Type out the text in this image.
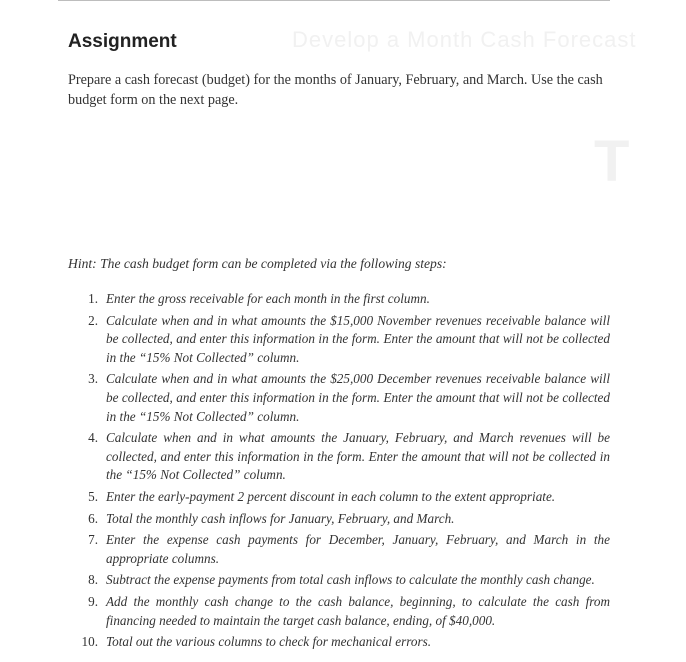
Develop a Month Cash Forecast
T
Assignment

Prepare a cash forecast (budget) for the months of January, February, and March. Use the cash budget form on the next page.

Hint: The cash budget form can be completed via the following steps:

1. Enter the gross receivable for each month in the first column.
2. Calculate when and in what amounts the $15,000 November revenues receivable balance will be collected, and enter this information in the form. Enter the amount that will not be collected in the “15% Not Collected” column.
3. Calculate when and in what amounts the $25,000 December revenues receivable balance will be collected, and enter this information in the form. Enter the amount that will not be collected in the “15% Not Collected” column.
4. Calculate when and in what amounts the January, February, and March revenues will be collected, and enter this information in the form. Enter the amount that will not be collected in the “15% Not Collected” column.
5. Enter the early-payment 2 percent discount in each column to the extent appropriate.
6. Total the monthly cash inflows for January, February, and March.
7. Enter the expense cash payments for December, January, February, and March in the appropriate columns.
8. Subtract the expense payments from total cash inflows to calculate the monthly cash change.
9. Add the monthly cash change to the cash balance, beginning, to calculate the cash from financing needed to maintain the target cash balance, ending, of $40,000.
10. Total out the various columns to check for mechanical errors.
